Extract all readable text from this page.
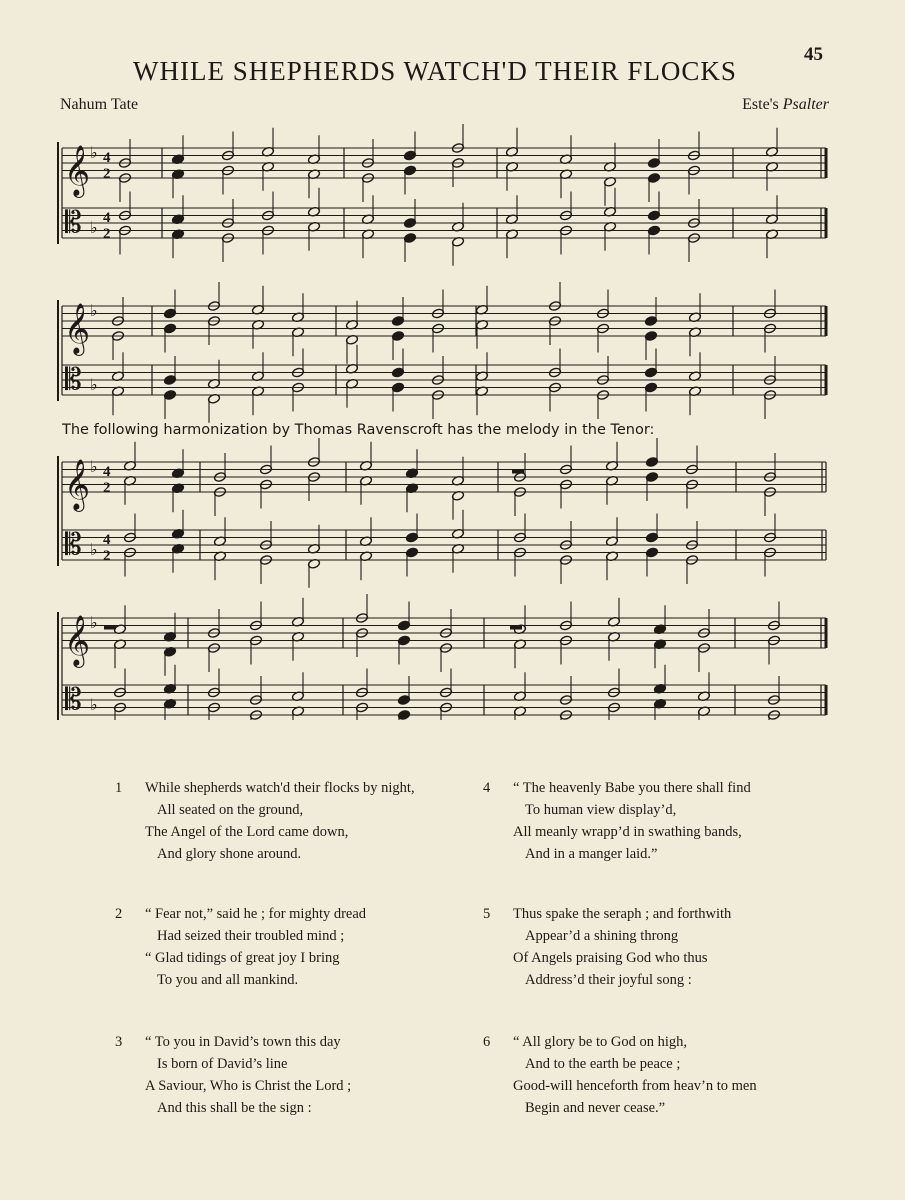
45
WHILE SHEPHERDS WATCH'D THEIR FLOCKS
Nahum Tate	Este's Psalter
The following harmonization by Thomas Ravenscroft has the melody in the Tenor:
𝄞
𝄡
♭
♭
4
2
4
2
𝄞
𝄡
♭
♭
𝄞
𝄡
♭
♭
4
2
4
2
𝄞
𝄡
♭
♭
1 While shepherds watch'd their flocks by night,
All seated on the ground,
The Angel of the Lord came down,
And glory shone around.
2 “ Fear not,” said he ; for mighty dread
Had seized their troubled mind ;
“ Glad tidings of great joy I bring
To you and all mankind.
3 “ To you in David’s town this day
Is born of David’s line
A Saviour, Who is Christ the Lord ;
And this shall be the sign :
4 “ The heavenly Babe you there shall find
To human view display’d,
All meanly wrapp’d in swathing bands,
And in a manger laid.”
5 Thus spake the seraph ; and forthwith
Appear’d a shining throng
Of Angels praising God who thus
Address’d their joyful song :
6 “ All glory be to God on high,
And to the earth be peace ;
Good-will henceforth from heav’n to men
Begin and never cease.”
